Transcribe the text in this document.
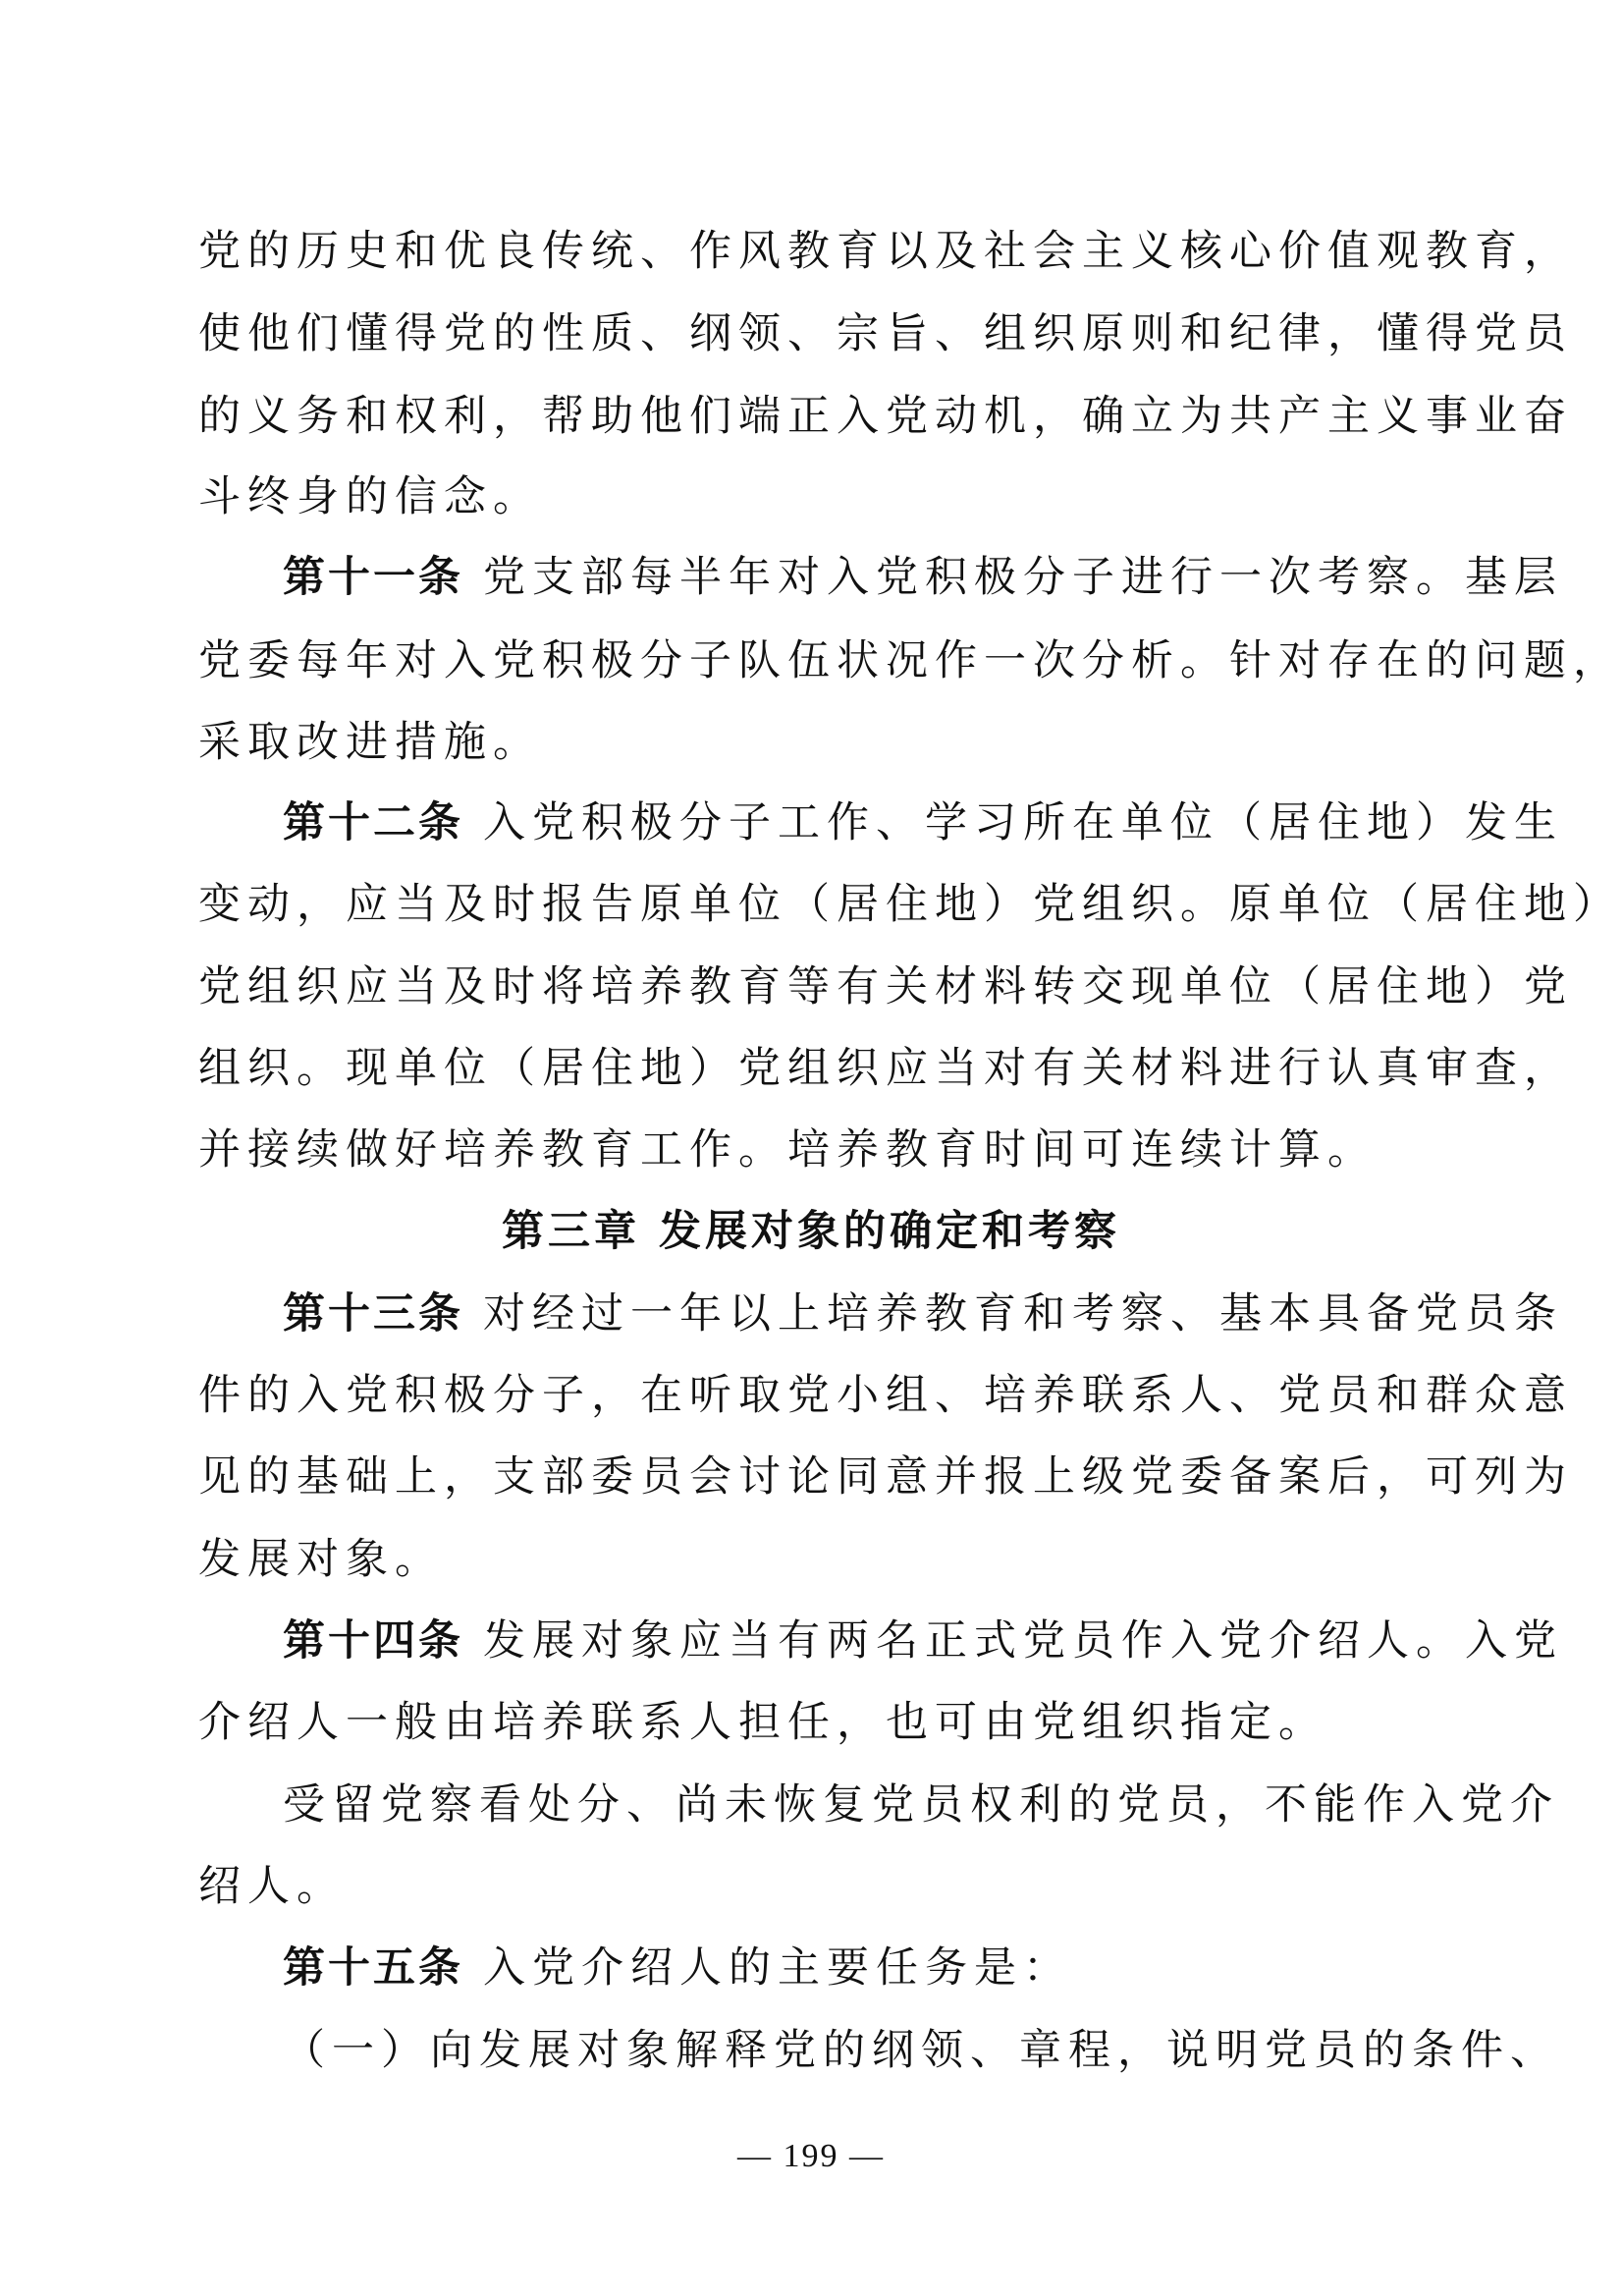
党的历史和优良传统、作风教育以及社会主义核心价值观教育，
使他们懂得党的性质、纲领、宗旨、组织原则和纪律，懂得党员
的义务和权利，帮助他们端正入党动机，确立为共产主义事业奋
斗终身的信念。
第十一条 党支部每半年对入党积极分子进行一次考察。基层
党委每年对入党积极分子队伍状况作一次分析。针对存在的问题，
采取改进措施。
第十二条 入党积极分子工作、学习所在单位（居住地）发生
变动，应当及时报告原单位（居住地）党组织。原单位（居住地）
党组织应当及时将培养教育等有关材料转交现单位（居住地）党
组织。现单位（居住地）党组织应当对有关材料进行认真审查，
并接续做好培养教育工作。培养教育时间可连续计算。
第三章 发展对象的确定和考察
第十三条 对经过一年以上培养教育和考察、基本具备党员条
件的入党积极分子，在听取党小组、培养联系人、党员和群众意
见的基础上，支部委员会讨论同意并报上级党委备案后，可列为
发展对象。
第十四条 发展对象应当有两名正式党员作入党介绍人。入党
介绍人一般由培养联系人担任，也可由党组织指定。
受留党察看处分、尚未恢复党员权利的党员，不能作入党介
绍人。
第十五条 入党介绍人的主要任务是：
（一）向发展对象解释党的纲领、章程，说明党员的条件、
— 199 —
